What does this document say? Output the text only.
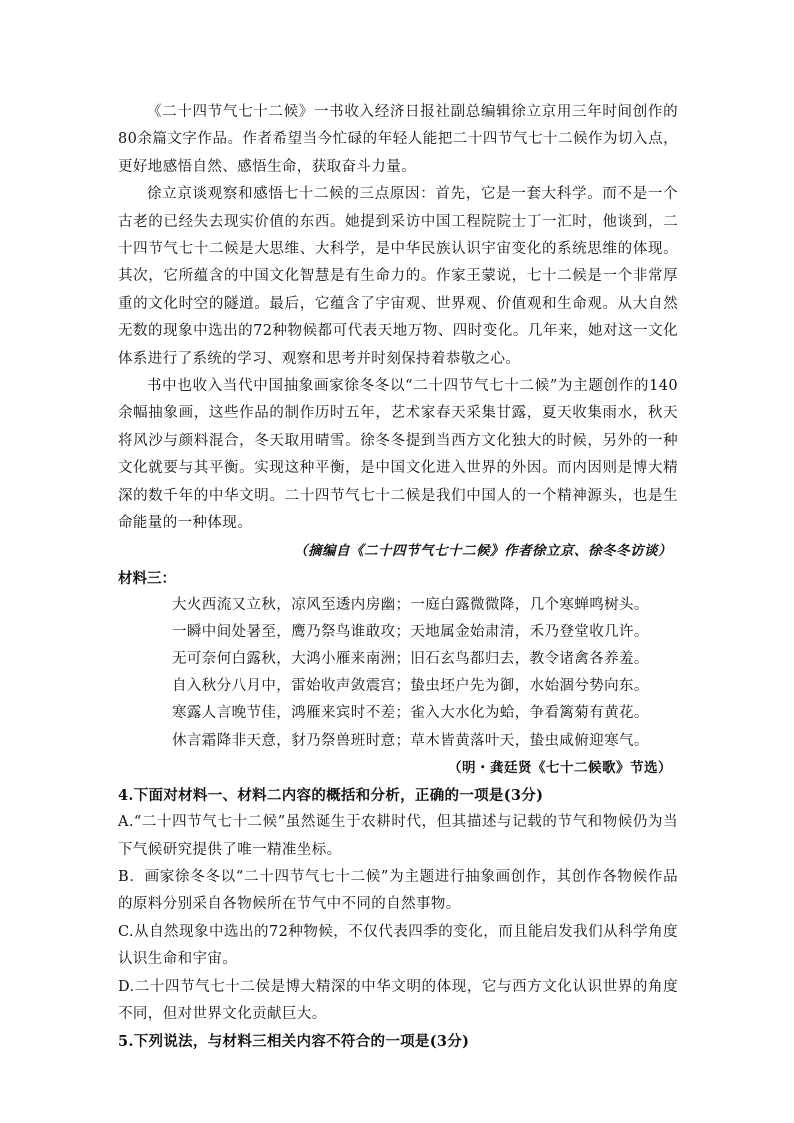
《二十四节气七十二候》一书收入经济日报社副总编辑徐立京用三年时间创作的80余篇文字作品。作者希望当今忙碌的年轻人能把二十四节气七十二候作为切入点，更好地感悟自然、感悟生命，获取奋斗力量。

徐立京谈观察和感悟七十二候的三点原因：首先，它是一套大科学。而不是一个古老的已经失去现实价值的东西。她提到采访中国工程院院士丁一汇时，他谈到，二十四节气七十二候是大思维、大科学，是中华民族认识宇宙变化的系统思维的体现。其次，它所蕴含的中国文化智慧是有生命力的。作家王蒙说，七十二候是一个非常厚重的文化时空的隧道。最后，它蕴含了宇宙观、世界观、价值观和生命观。从大自然无数的现象中选出的72种物候都可代表天地万物、四时变化。几年来，她对这一文化体系进行了系统的学习、观察和思考并时刻保持着恭敬之心。

书中也收入当代中国抽象画家徐冬冬以“二十四节气七十二候”为主题创作的140余幅抽象画，这些作品的制作历时五年，艺术家春天采集甘露，夏天收集雨水，秋天将风沙与颜料混合，冬天取用晴雪。徐冬冬提到当西方文化独大的时候，另外的一种文化就要与其平衡。实现这种平衡，是中国文化进入世界的外因。而内因则是博大精深的数千年的中华文明。二十四节气七十二候是我们中国人的一个精神源头，也是生命能量的一种体现。

（摘编自《二十四节气七十二候》作者徐立京、徐冬冬访谈）

材料三：

大火西流又立秋，凉风至透内房幽；一庭白露微微降，几个寒蝉鸣树头。

一瞬中间处暑至，鹰乃祭鸟谁敢攻；天地属金始肃清，禾乃登堂收几许。

无可奈何白露秋，大鸿小雁来南洲；旧石玄鸟都归去，教令诸禽各养羞。

自入秋分八月中，雷始收声敛震宫；蛰虫坯户先为御，水始涸兮势向东。

寒露人言晚节佳，鸿雁来宾时不差；雀入大水化为蛤，争看篱菊有黄花。

休言霜降非天意，豺乃祭兽班时意；草木皆黄落叶天，蛰虫咸俯迎寒气。

（明・龚廷贤《七十二候歌》节选）

4.下面对材料一、材料二内容的概括和分析，正确的一项是(3分)

A.“二十四节气七十二候”虽然诞生于农耕时代，但其描述与记载的节气和物候仍为当下气候研究提供了唯一精准坐标。

B．画家徐冬冬以“二十四节气七十二候”为主题进行抽象画创作，其创作各物候作品的原料分别采自各物候所在节气中不同的自然事物。

C.从自然现象中选出的72种物候，不仅代表四季的变化，而且能启发我们从科学角度认识生命和宇宙。

D.二十四节气七十二侯是博大精深的中华文明的体现，它与西方文化认识世界的角度不同，但对世界文化贡献巨大。

5.下列说法，与材料三相关内容不符合的一项是(3分)
